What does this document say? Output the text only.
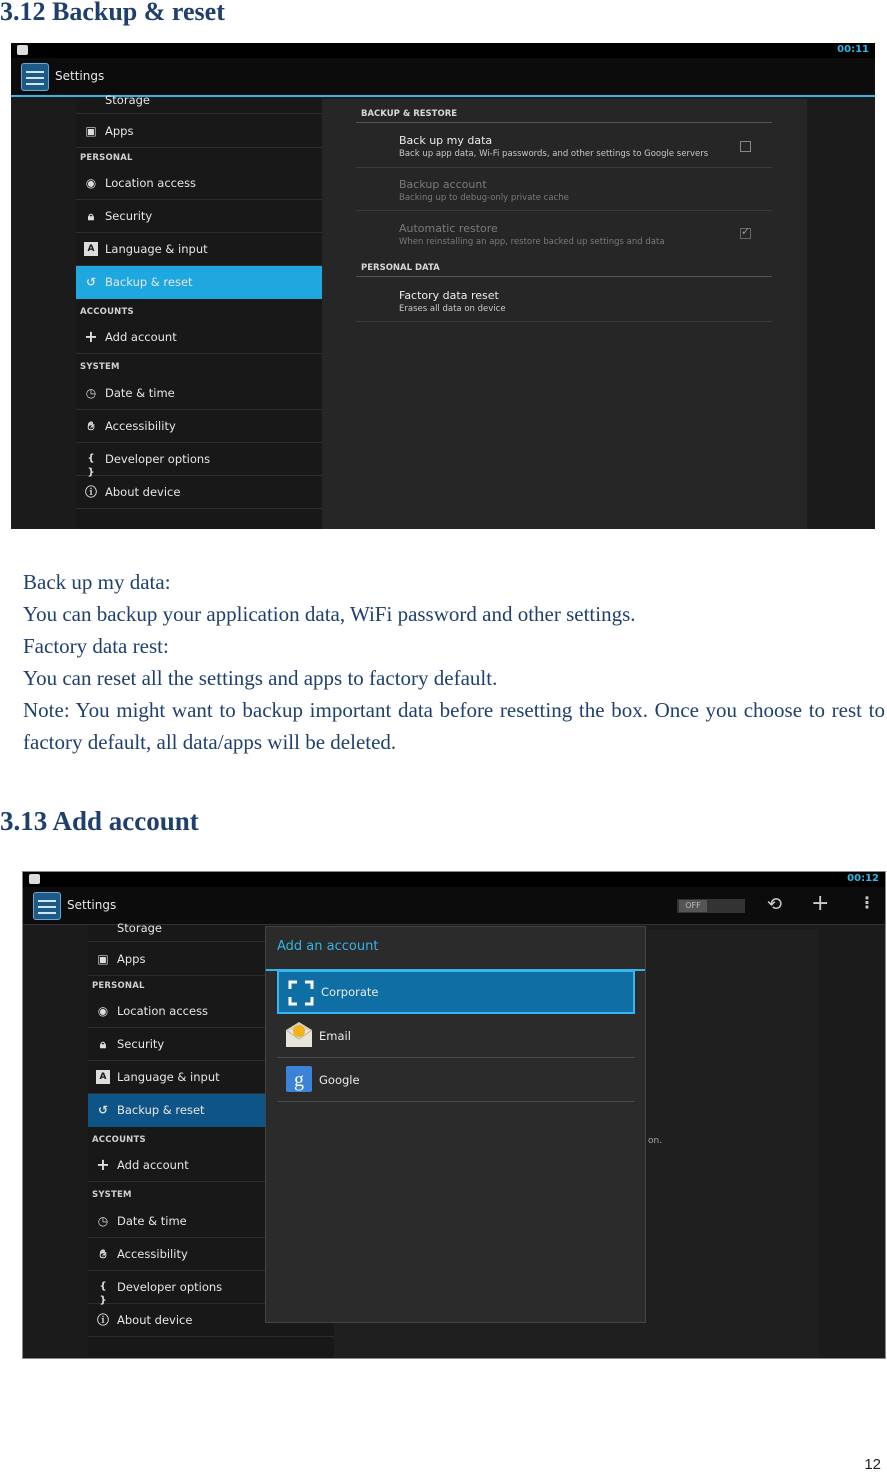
3.12 Backup & reset
00:11
Settings
Storage
▣ Apps
PERSONAL
◉ Location access
🔒︎ Security
A Language & input
↺ Backup & reset
ACCOUNTS
+ Add account
SYSTEM
◷ Date & time
✋︎ Accessibility
{ }
Developer options
ⓘ About device
BACKUP & RESTORE
Back up my data
Back up app data, Wi-Fi passwords, and other settings to Google servers
Backup account
Backing up to debug-only private cache
Automatic restore
When reinstalling an app, restore backed up settings and data
✓
PERSONAL DATA
Factory data reset
Erases all data on device
Back up my data:
You can backup your application data, WiFi password and other settings.
Factory data rest:
You can reset all the settings and apps to factory default.
Note: You might want to backup important data before resetting the box. Once you choose to rest to factory default, all data/apps will be deleted.
3.13 Add account
00:12
Settings	OFF	⟲ + ⋮
Storage
▣ Apps
PERSONAL
◉ Location access
🔒︎ Security
A Language & input
↺ Backup & reset
ACCOUNTS
+ Add account
SYSTEM
◷ Date & time
✋︎ Accessibility
{ }
Developer options
ⓘ About device
on.
Add an account
Corporate
Email
g Google
12
